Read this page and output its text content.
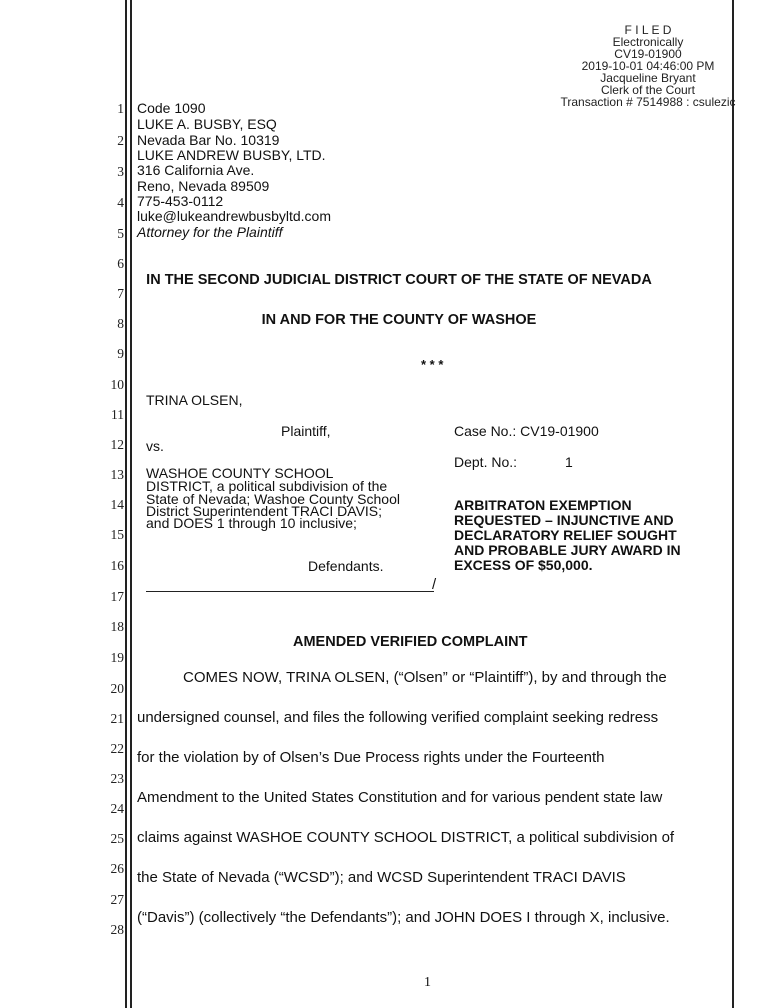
F I L E D
Electronically
CV19-01900
2019-10-01 04:46:00 PM
Jacqueline Bryant
Clerk of the Court
Transaction # 7514988 : csulezic
1
2
3
4
5
6
7
8
9
10
11
12
13
14
15
16
17
18
19
20
21
22
23
24
25
26
27
28
Code 1090
LUKE A. BUSBY, ESQ
Nevada Bar No. 10319
LUKE ANDREW BUSBY, LTD.
316 California Ave.
Reno, Nevada 89509
775-453-0112
luke@lukeandrewbusbyltd.com
Attorney for the Plaintiff
IN THE SECOND JUDICIAL DISTRICT COURT OF THE STATE OF NEVADA
IN AND FOR THE COUNTY OF WASHOE
* * *
TRINA OLSEN,
Plaintiff,
vs.
WASHOE COUNTY SCHOOL
DISTRICT, a political subdivision of the
State of Nevada; Washoe County School
District Superintendent TRACI DAVIS;
and DOES 1 through 10 inclusive;
Defendants.
/
Case No.: CV19-01900
Dept. No.:	1
ARBITRATON EXEMPTION
REQUESTED – INJUNCTIVE AND
DECLARATORY RELIEF SOUGHT
AND PROBABLE JURY AWARD IN
EXCESS OF $50,000.
AMENDED VERIFIED COMPLAINT
COMES NOW, TRINA OLSEN, (“Olsen” or “Plaintiff”), by and through the
undersigned counsel, and files the following verified complaint seeking redress
for the violation by of Olsen’s Due Process rights under the Fourteenth
Amendment to the United States Constitution and for various pendent state law
claims against WASHOE COUNTY SCHOOL DISTRICT, a political subdivision of
the State of Nevada (“WCSD”); and WCSD Superintendent TRACI DAVIS
(“Davis”) (collectively “the Defendants”); and JOHN DOES I through X, inclusive.
1
